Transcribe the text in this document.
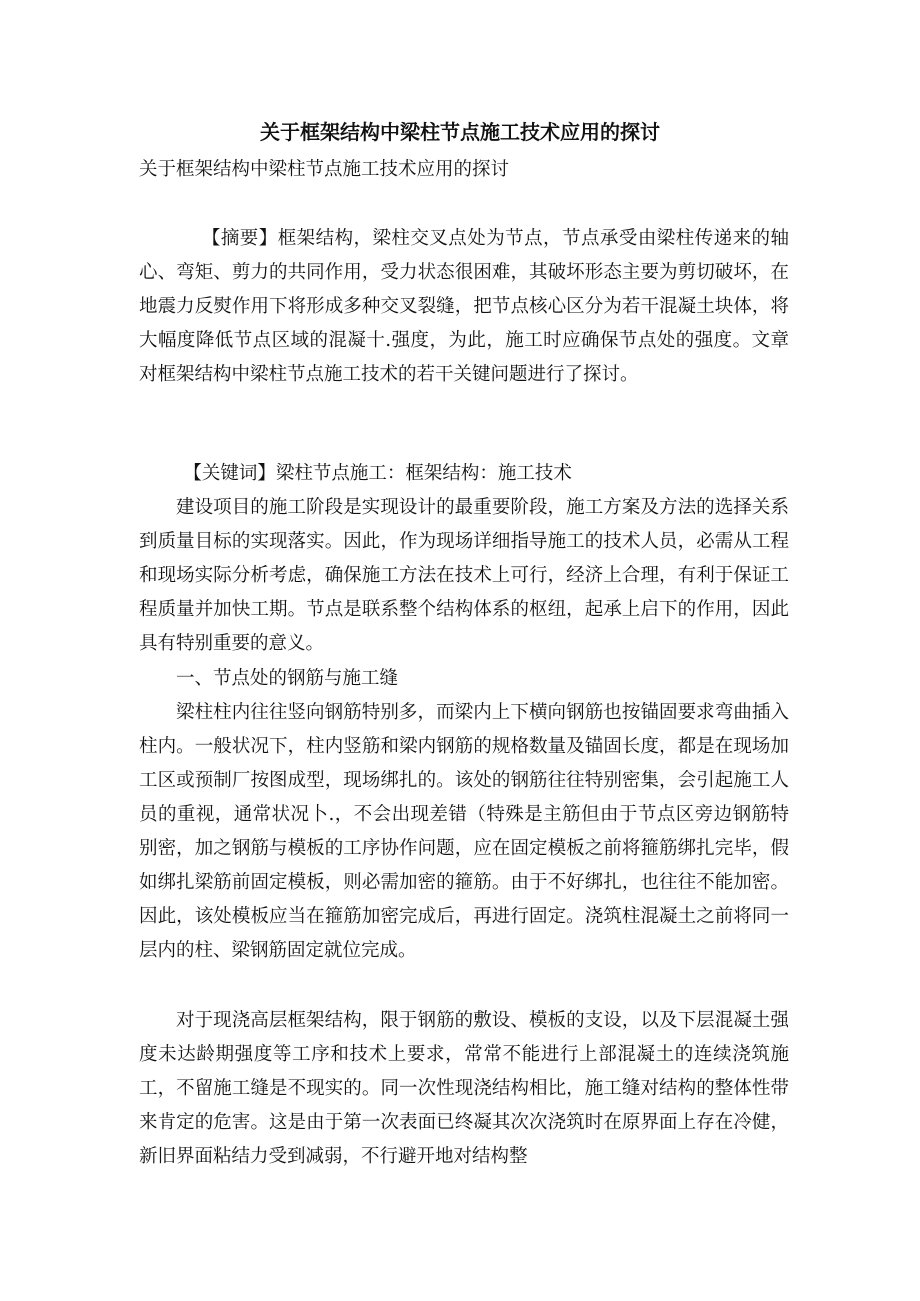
关于框架结构中梁柱节点施工技术应用的探讨

关于框架结构中梁柱节点施工技术应用的探讨

【摘要】框架结构，梁柱交叉点处为节点，节点承受由梁柱传递来的轴心、弯矩、剪力的共同作用，受力状态很困难，其破坏形态主要为剪切破坏，在地震力反熨作用下将形成多种交叉裂缝，把节点核心区分为若干混凝土块体，将大幅度降低节点区域的混凝十.强度，为此，施工时应确保节点处的强度。文章对框架结构中梁柱节点施工技术的若干关键问题进行了探讨。

【关键词】梁柱节点施工：框架结构：施工技术

建设项目的施工阶段是实现设计的最重要阶段，施工方案及方法的选择关系到质量目标的实现落实。因此，作为现场详细指导施工的技术人员，必需从工程和现场实际分析考虑，确保施工方法在技术上可行，经济上合理，有利于保证工程质量并加快工期。节点是联系整个结构体系的枢纽，起承上启下的作用，因此具有特别重要的意义。

一、节点处的钢筋与施工缝

梁柱柱内往往竖向钢筋特别多，而梁内上下横向钢筋也按锚固要求弯曲插入柱内。一般状况下，柱内竖筋和梁内钢筋的规格数量及锚固长度，都是在现场加工区或预制厂按图成型，现场绑扎的。该处的钢筋往往特别密集，会引起施工人员的重视，通常状况卜.，不会出现差错（特殊是主筋但由于节点区旁边钢筋特别密，加之钢筋与模板的工序协作问题，应在固定模板之前将箍筋绑扎完毕，假如绑扎梁筋前固定模板，则必需加密的箍筋。由于不好绑扎，也往往不能加密。因此，该处模板应当在箍筋加密完成后，再进行固定。浇筑柱混凝土之前将同一层内的柱、梁钢筋固定就位完成。

对于现浇高层框架结构，限于钢筋的敷设、模板的支设，以及下层混凝土强度未达龄期强度等工序和技术上要求，常常不能进行上部混凝土的连续浇筑施工，不留施工缝是不现实的。同一次性现浇结构相比，施工缝对结构的整体性带来肯定的危害。这是由于第一次表面已终凝其次次浇筑时在原界面上存在冷健，新旧界面粘结力受到减弱，不行避开地对结构整
